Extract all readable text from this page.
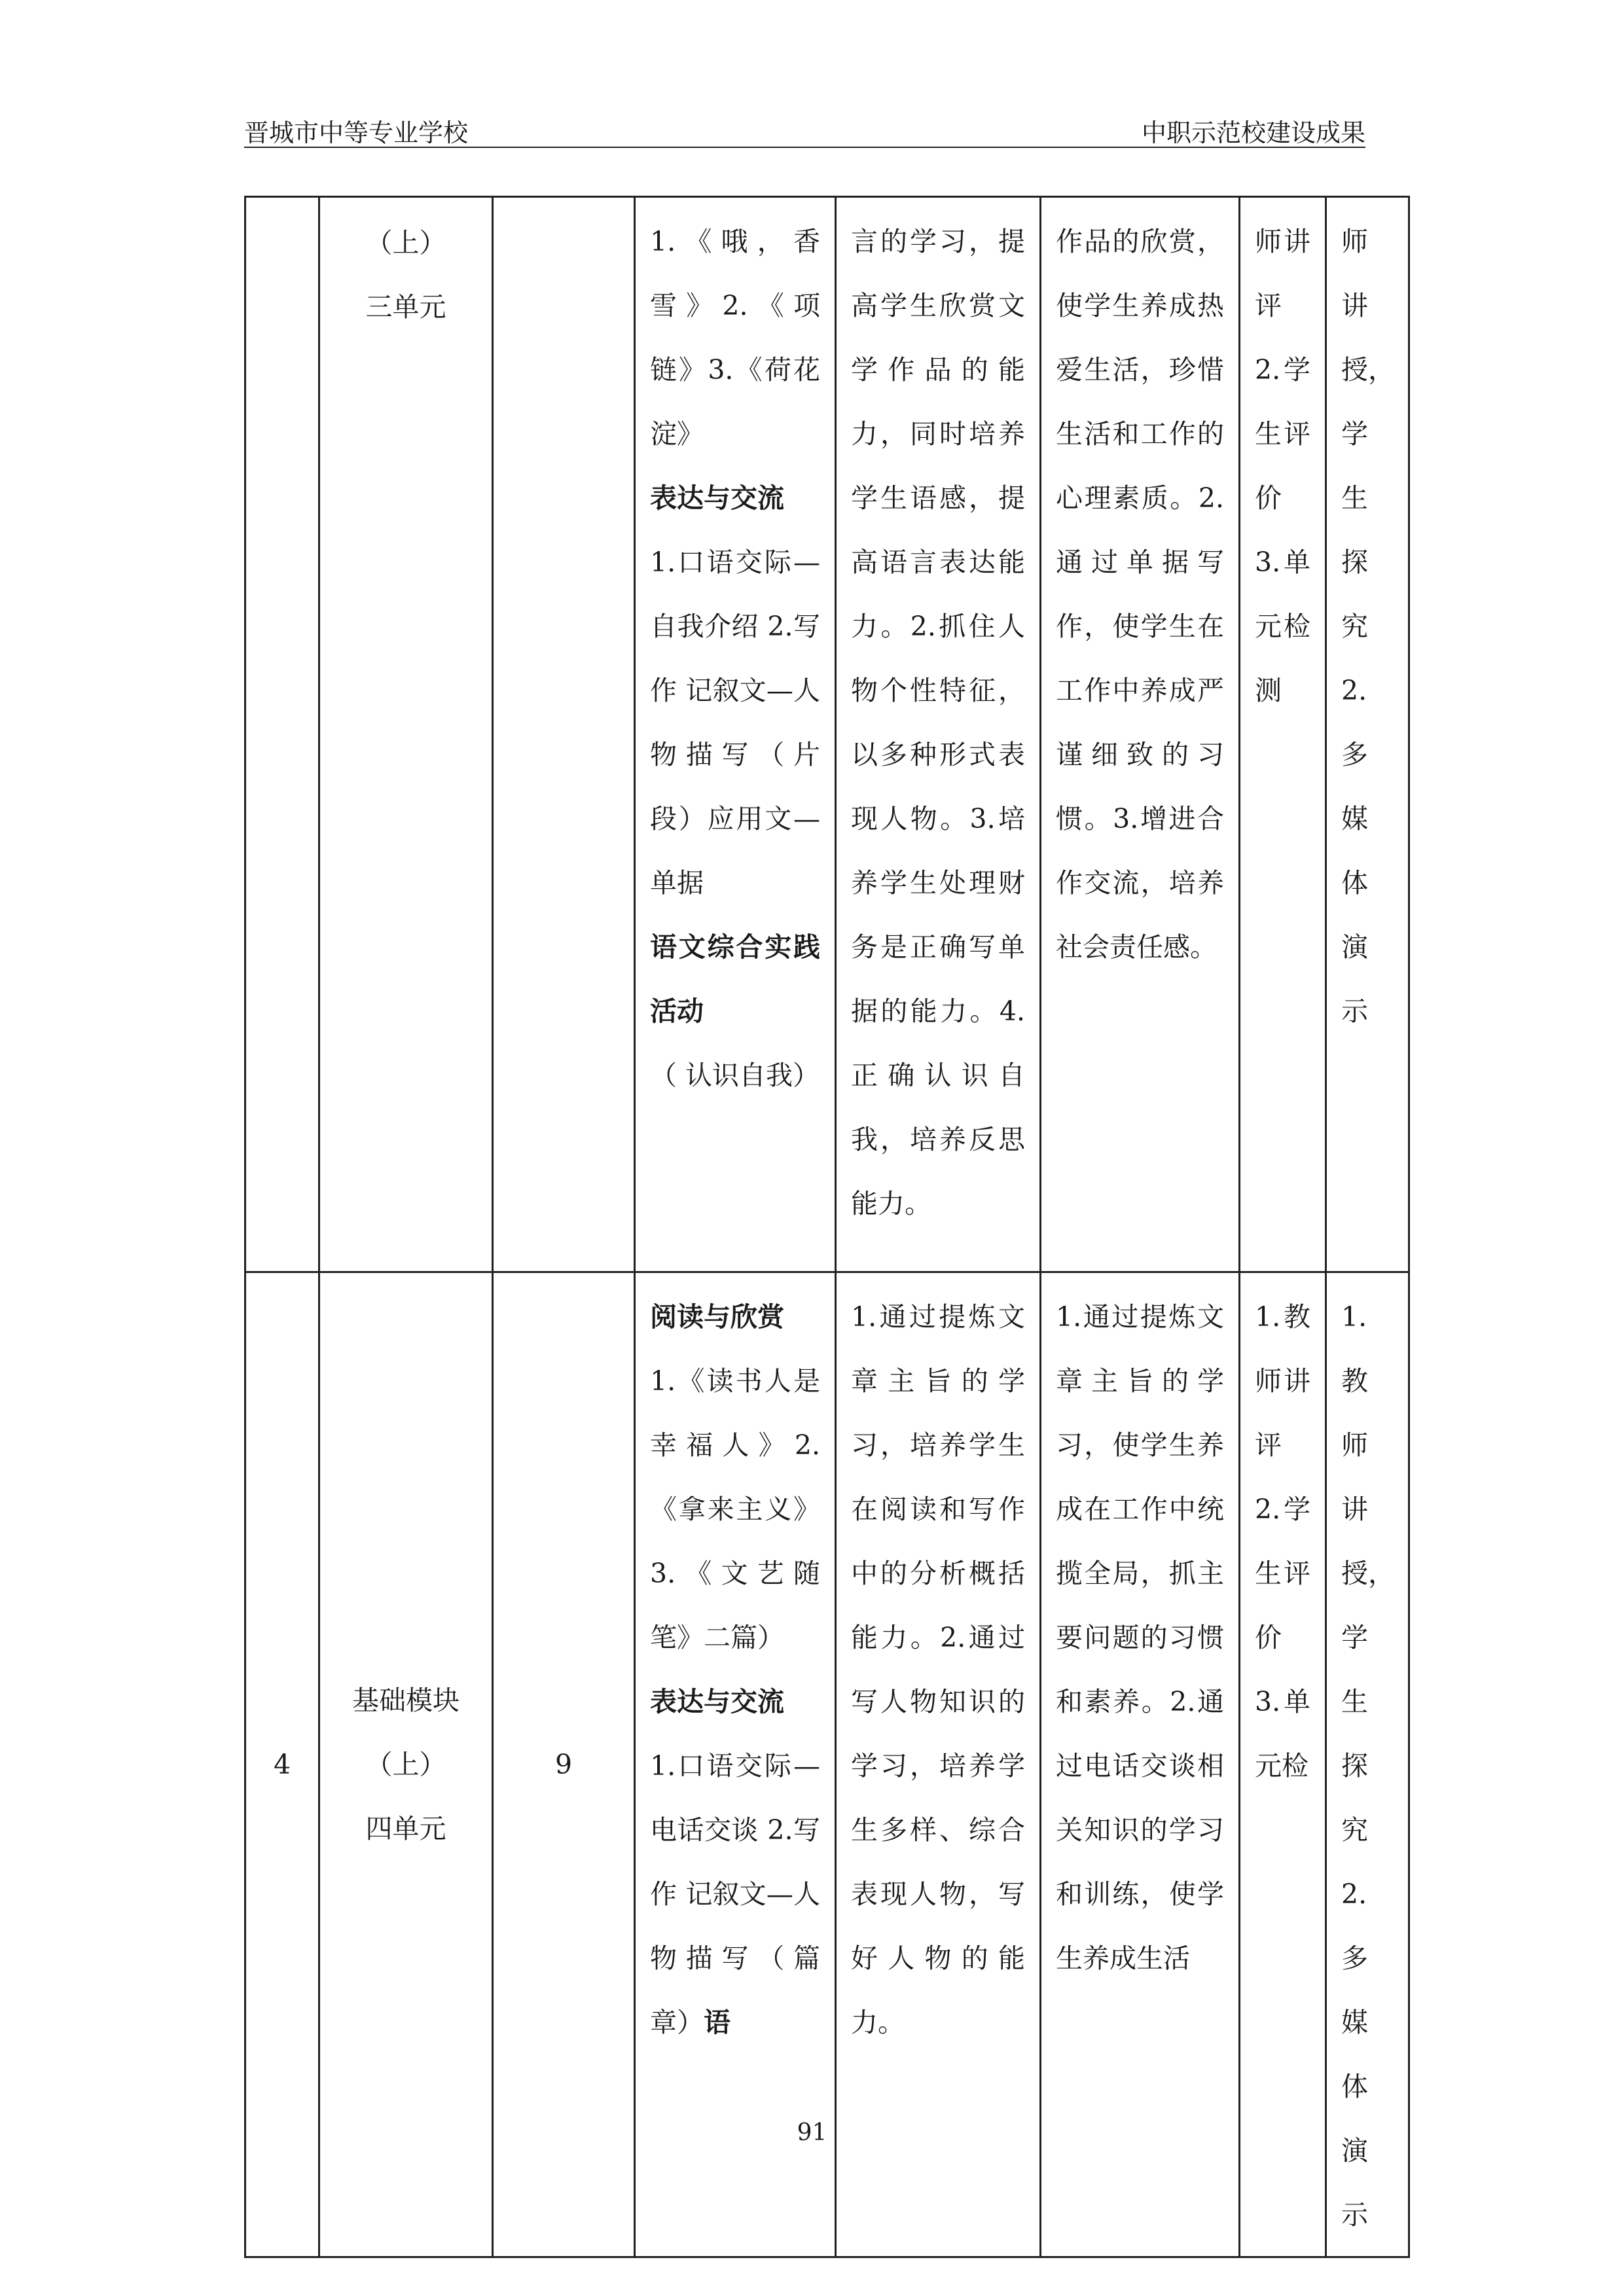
晋城市中等专业学校	中职示范校建设成果

	（上）
三单元		1.《哦，香雪》2.《项链》3.《荷花淀》
表达与交流
1.口语交际—自我介绍 2.写作 记叙文—人物描写（片段）应用文—单据
语文综合实践活动
（ 认识自我）	言的学习，提高学生欣赏文学作品的能力，同时培养学生语感，提高语言表达能力。2.抓住人物个性特征，以多种形式表现人物。3.培养学生处理财务是正确写单据的能力。4.正确认识自我，培养反思能力。	作品的欣赏，使学生养成热爱生活，珍惜生活和工作的心理素质。2.通过单据写作，使学生在工作中养成严谨细致的习惯。3.增进合作交流，培养社会责任感。	师讲评 2.学生评价 3.单元检测	师讲授，学生探究 2.多媒体演示

4	基础模块
（上）
四单元	9	阅读与欣赏
1.《读书人是幸福人》2.《拿来主义》3.《文艺随笔》二篇）
表达与交流
1.口语交际—电话交谈 2.写作 记叙文—人物描写（篇章）语	1.通过提炼文章主旨的学习，培养学生在阅读和写作中的分析概括能力。2.通过写人物知识的学习，培养学生多样、综合表现人物，写好人物的能力。	1.通过提炼文章主旨的学习，使学生养成在工作中统揽全局，抓主要问题的习惯和素养。2.通过电话交谈相关知识的学习和训练，使学生养成生活	1.教师讲评 2.学生评价 3.单元检	1.教师讲授，学生探究 2.多媒体演示
91
